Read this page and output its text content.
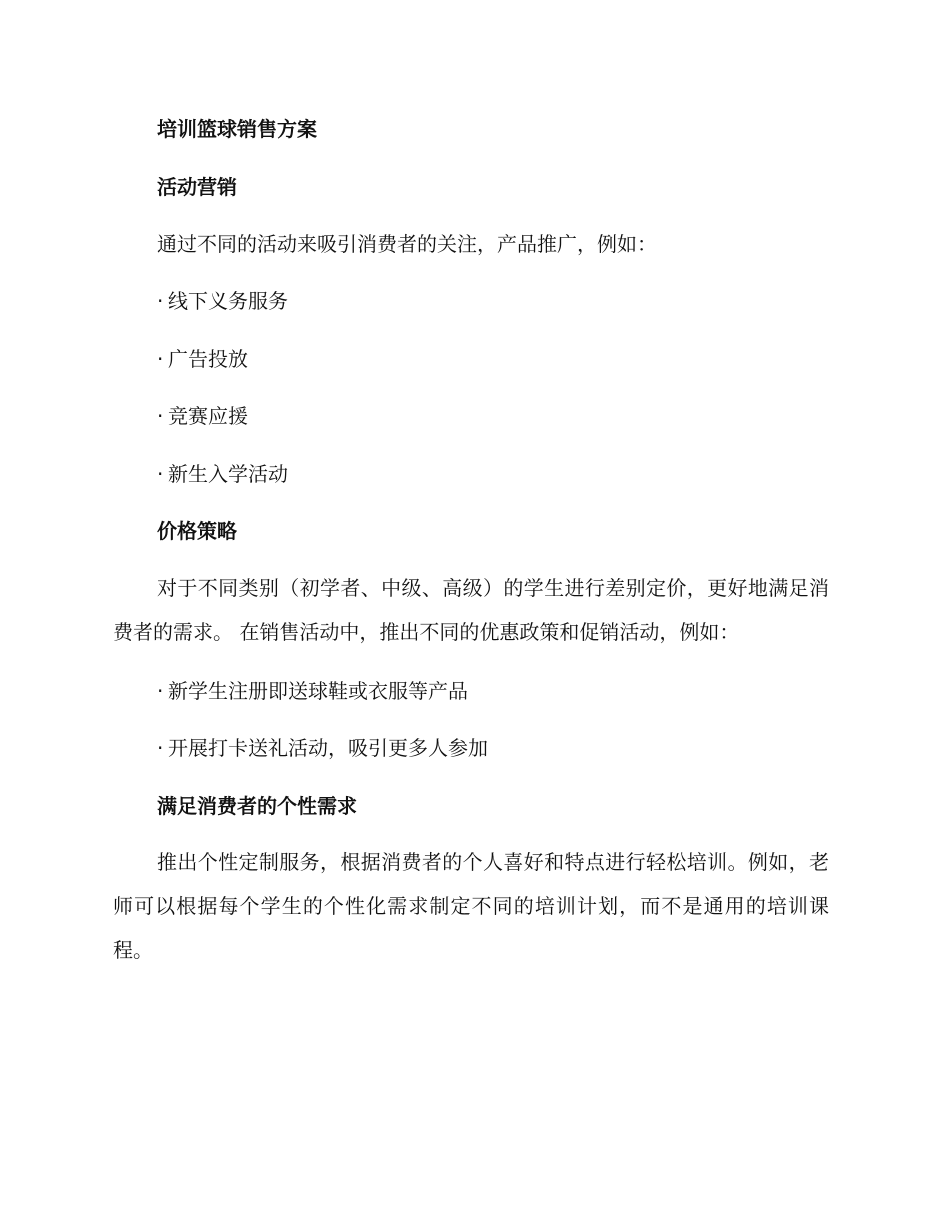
培训篮球销售方案
活动营销
通过不同的活动来吸引消费者的关注，产品推广，例如：
· 线下义务服务
· 广告投放
· 竞赛应援
· 新生入学活动
价格策略
对于不同类别（初学者、中级、高级）的学生进行差别定价，更好地满足消费者的需求。 在销售活动中，推出不同的优惠政策和促销活动，例如：
· 新学生注册即送球鞋或衣服等产品
· 开展打卡送礼活动，吸引更多人参加
满足消费者的个性需求
推出个性定制服务，根据消费者的个人喜好和特点进行轻松培训。例如，老师可以根据每个学生的个性化需求制定不同的培训计划，而不是通用的培训课程。
